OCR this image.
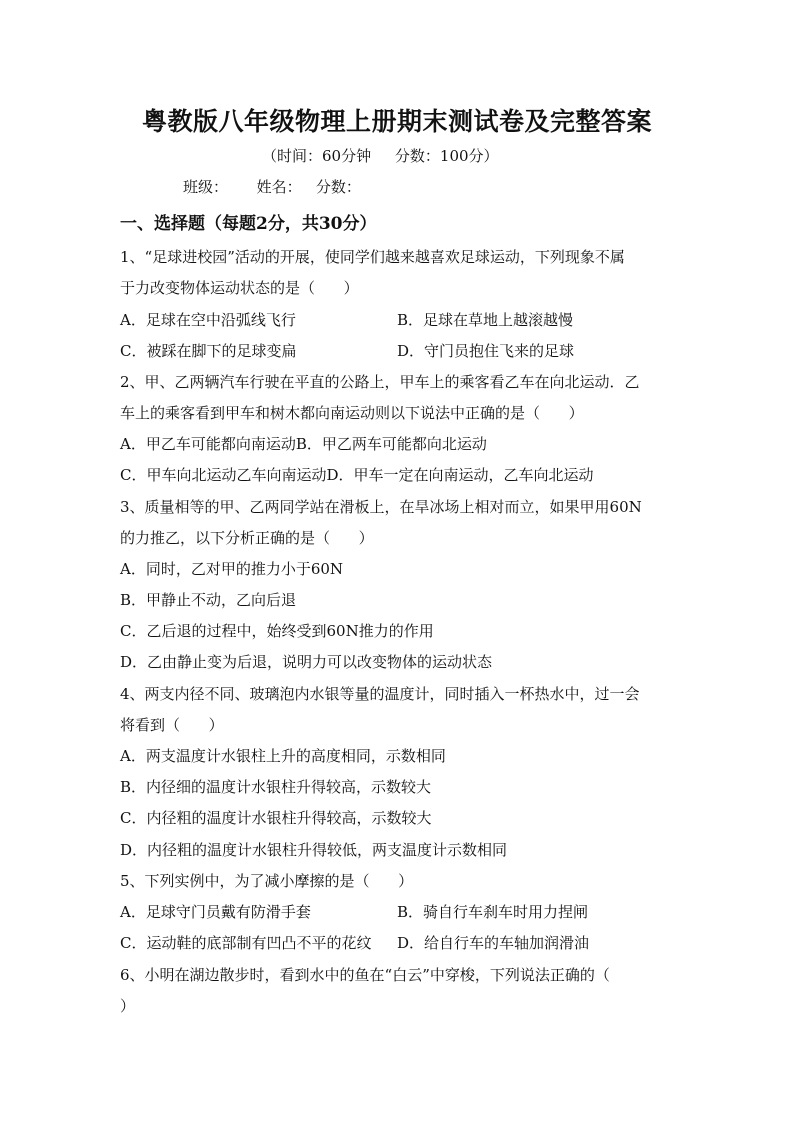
粤教版八年级物理上册期末测试卷及完整答案
（时间：60分钟     分数：100分）
班级：      姓名：   分数：
一、选择题（每题2分，共30分）
1、“足球进校园”活动的开展，使同学们越来越喜欢足球运动，下列现象不属
于力改变物体运动状态的是（      ）
A．足球在空中沿弧线飞行	B．足球在草地上越滚越慢
C．被踩在脚下的足球变扁	D．守门员抱住飞来的足球
2、甲、乙两辆汽车行驶在平直的公路上，甲车上的乘客看乙车在向北运动．乙
车上的乘客看到甲车和树木都向南运动则以下说法中正确的是（      ）
A．甲乙车可能都向南运动B．甲乙两车可能都向北运动
C．甲车向北运动乙车向南运动D．甲车一定在向南运动，乙车向北运动
3、质量相等的甲、乙两同学站在滑板上，在旱冰场上相对而立，如果甲用60N
的力推乙，以下分析正确的是（      ）
A．同时，乙对甲的推力小于60N
B．甲静止不动，乙向后退
C．乙后退的过程中，始终受到60N推力的作用
D．乙由静止变为后退，说明力可以改变物体的运动状态
4、两支内径不同、玻璃泡内水银等量的温度计，同时插入一杯热水中，过一会
将看到（      ）
A．两支温度计水银柱上升的高度相同，示数相同
B．内径细的温度计水银柱升得较高，示数较大
C．内径粗的温度计水银柱升得较高，示数较大
D．内径粗的温度计水银柱升得较低，两支温度计示数相同
5、下列实例中，为了减小摩擦的是（      ）
A．足球守门员戴有防滑手套	B．骑自行车刹车时用力捏闸
C．运动鞋的底部制有凹凸不平的花纹 D．给自行车的车轴加润滑油
6、小明在湖边散步时，看到水中的鱼在“白云”中穿梭，下列说法正确的（
）
